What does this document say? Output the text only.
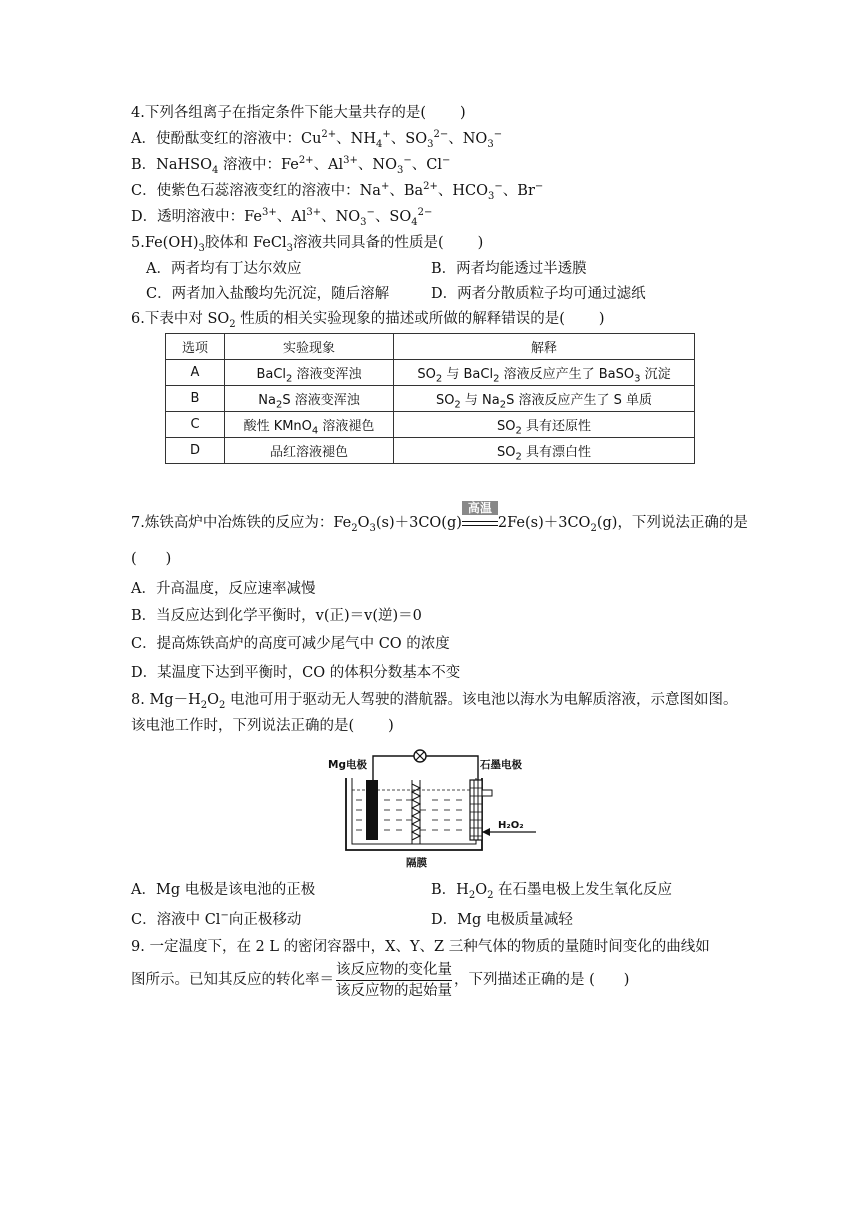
4.下列各组离子在指定条件下能大量共存的是( )
A．使酚酞变红的溶液中：$Cu^{2+}$、$NH_4^+$、$SO_3^{2-}$、$NO_3^-$
B．NaHSO$_4$ 溶液中：$Fe^{2+}$、$Al^{3+}$、$NO_3^-$、Cl−
C．使紫色石蕊溶液变红的溶液中：Na+、$Ba^{2+}$、$HCO_3^-$、Br−
D．透明溶液中：$Fe^{3+}$、$Al^{3+}$、$NO_3^-$、$SO_4^{2-}$
$5.Fe(OH)_3$胶体和 FeCl$_3$溶液共同具备的性质是( )
A．两者均有丁达尔效应	B．两者均能透过半透膜
C．两者加入盐酸均先沉淀，随后溶解	D．两者分散质粒子均可通过滤纸
6.下表中对 $SO_2$ 性质的相关实验现象的描述或所做的解释错误的是( )
选项	实验现象	解释
A	BaCl$_2$ 溶液变浑浊	$SO_2$ 与 BaCl$_2$ 溶液反应产生了 BaSO$_3$ 沉淀
B	$Na_2S$ 溶液变浑浊	$SO_2$ 与 $Na_2S$ 溶液反应产生了 S 单质
C	酸性 KMnO$_4$ 溶液褪色	$SO_2$ 具有还原性
D	品红溶液褪色	$SO_2$ 具有漂白性
7.炼铁高炉中冶炼铁的反应为：$Fe_2O_3(s)+3CO(g)$
高温
$2Fe(s)+3CO_2(g)$，下列说法正确的是
(　　)
A．升高温度，反应速率减慢
B．当反应达到化学平衡时，v(正)＝v(逆)＝0
C．提高炼铁高炉的高度可减少尾气中 CO 的浓度
D．某温度下达到平衡时，CO 的体积分数基本不变
8. $Mg-H_2O_2$ 电池可用于驱动无人驾驶的潜航器。该电池以海水为电解质溶液，示意图如图。
该电池工作时，下列说法正确的是( )
Mg电极	石墨电极
H₂O₂
隔膜
A．Mg 电极是该电池的正极	B．$H_2O_2$ 在石墨电极上发生氧化反应
C．溶液中 Cl−向正极移动	D．Mg 电极质量减轻
9. 一定温度下，在 2 L 的密闭容器中，X、Y、Z 三种气体的物质的量随时间变化的曲线如
图所示。已知其反应的转化率＝ $\frac{\text{该反应物的变化量}}{\text{该反应物的起始量}}$ ，下列描述正确的是 (　　)
